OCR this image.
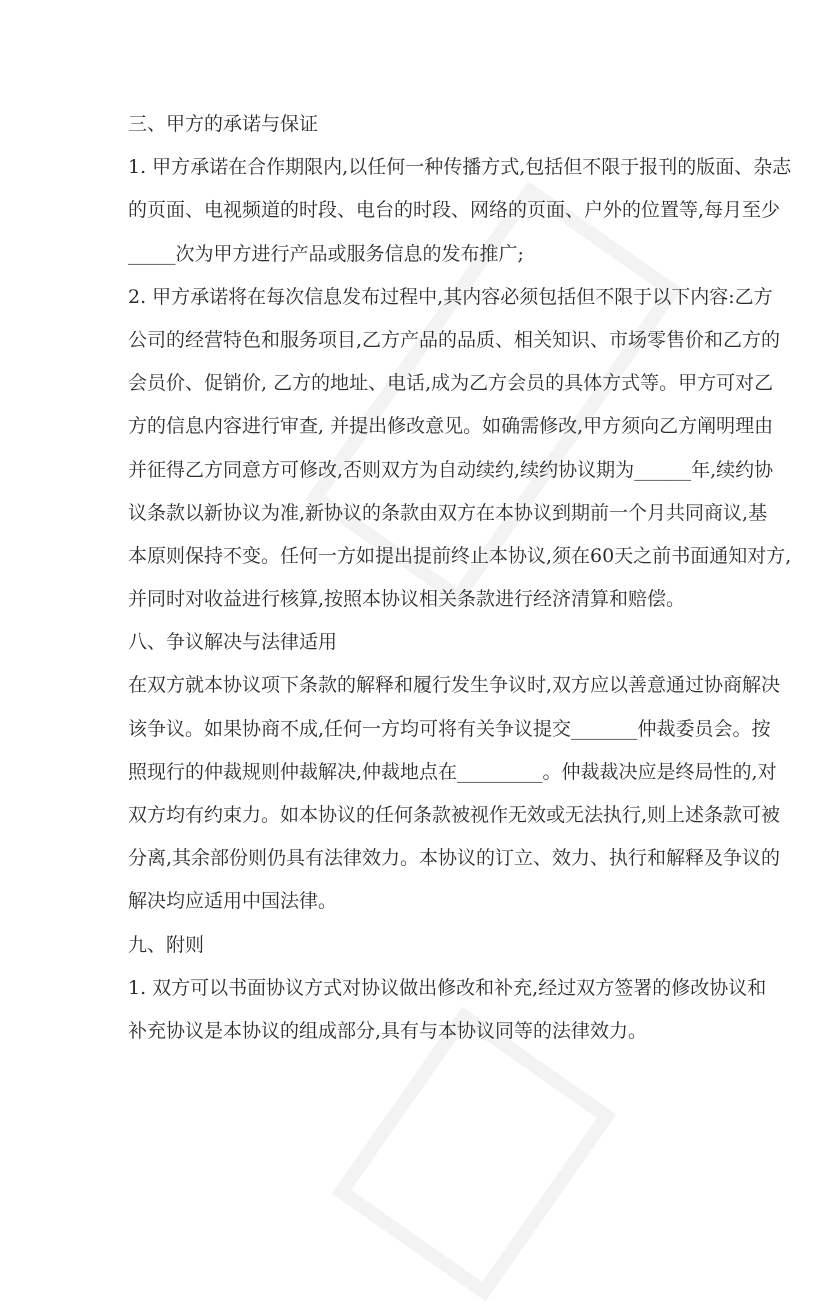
三、甲方的承诺与保证
1. 甲方承诺在合作期限内,以任何一种传播方式,包括但不限于报刊的版面、杂志
的页面、电视频道的时段、电台的时段、网络的页面、户外的位置等,每月至少
_____次为甲方进行产品或服务信息的发布推广;
2. 甲方承诺将在每次信息发布过程中,其内容必须包括但不限于以下内容:乙方
公司的经营特色和服务项目,乙方产品的品质、相关知识、市场零售价和乙方的
会员价、促销价, 乙方的地址、电话,成为乙方会员的具体方式等。甲方可对乙
方的信息内容进行审查, 并提出修改意见。如确需修改,甲方须向乙方阐明理由
并征得乙方同意方可修改,否则双方为自动续约,续约协议期为______年,续约协
议条款以新协议为准,新协议的条款由双方在本协议到期前一个月共同商议,基
本原则保持不变。任何一方如提出提前终止本协议,须在60天之前书面通知对方,
并同时对收益进行核算,按照本协议相关条款进行经济清算和赔偿。
八、争议解决与法律适用
在双方就本协议项下条款的解释和履行发生争议时,双方应以善意通过协商解决
该争议。如果协商不成,任何一方均可将有关争议提交_______仲裁委员会。按
照现行的仲裁规则仲裁解决,仲裁地点在_________。仲裁裁决应是终局性的,对
双方均有约束力。如本协议的任何条款被视作无效或无法执行,则上述条款可被
分离,其余部份则仍具有法律效力。本协议的订立、效力、执行和解释及争议的
解决均应适用中国法律。
九、附则
1. 双方可以书面协议方式对协议做出修改和补充,经过双方签署的修改协议和
补充协议是本协议的组成部分,具有与本协议同等的法律效力。
